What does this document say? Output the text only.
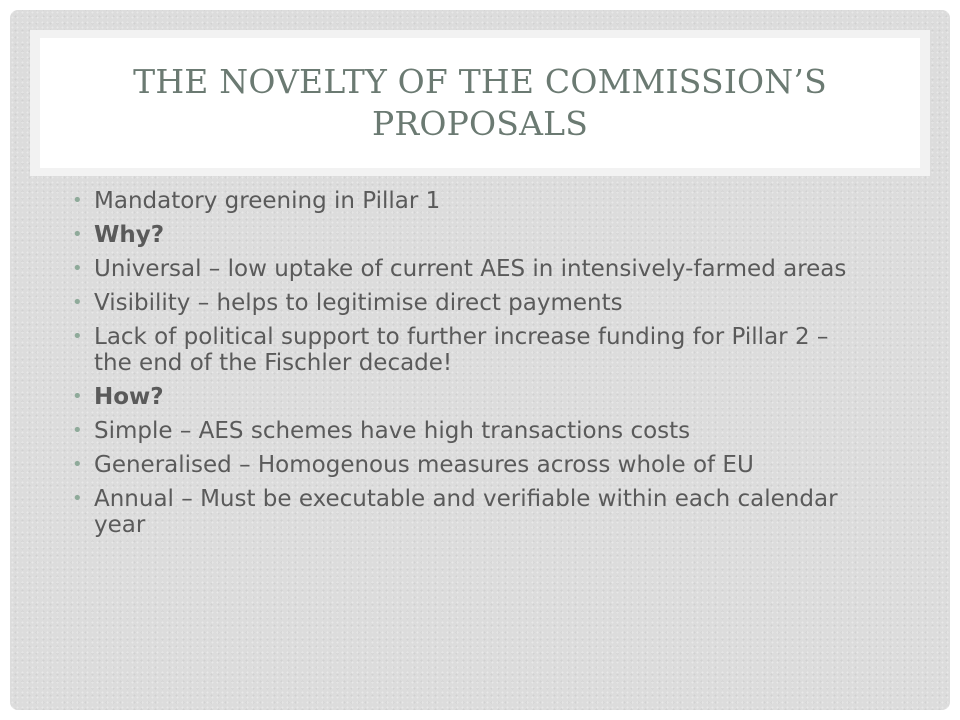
THE NOVELTY OF THE COMMISSION’S PROPOSALS
• Mandatory greening in Pillar 1
• Why?
• Universal – low uptake of current AES in intensively-farmed areas
• Visibility – helps to legitimise direct payments
• Lack of political support to further increase funding for Pillar 2 – the end of the Fischler decade!
• How?
• Simple – AES schemes have high transactions costs
• Generalised – Homogenous measures across whole of EU
• Annual – Must be executable and verifiable within each calendar year
